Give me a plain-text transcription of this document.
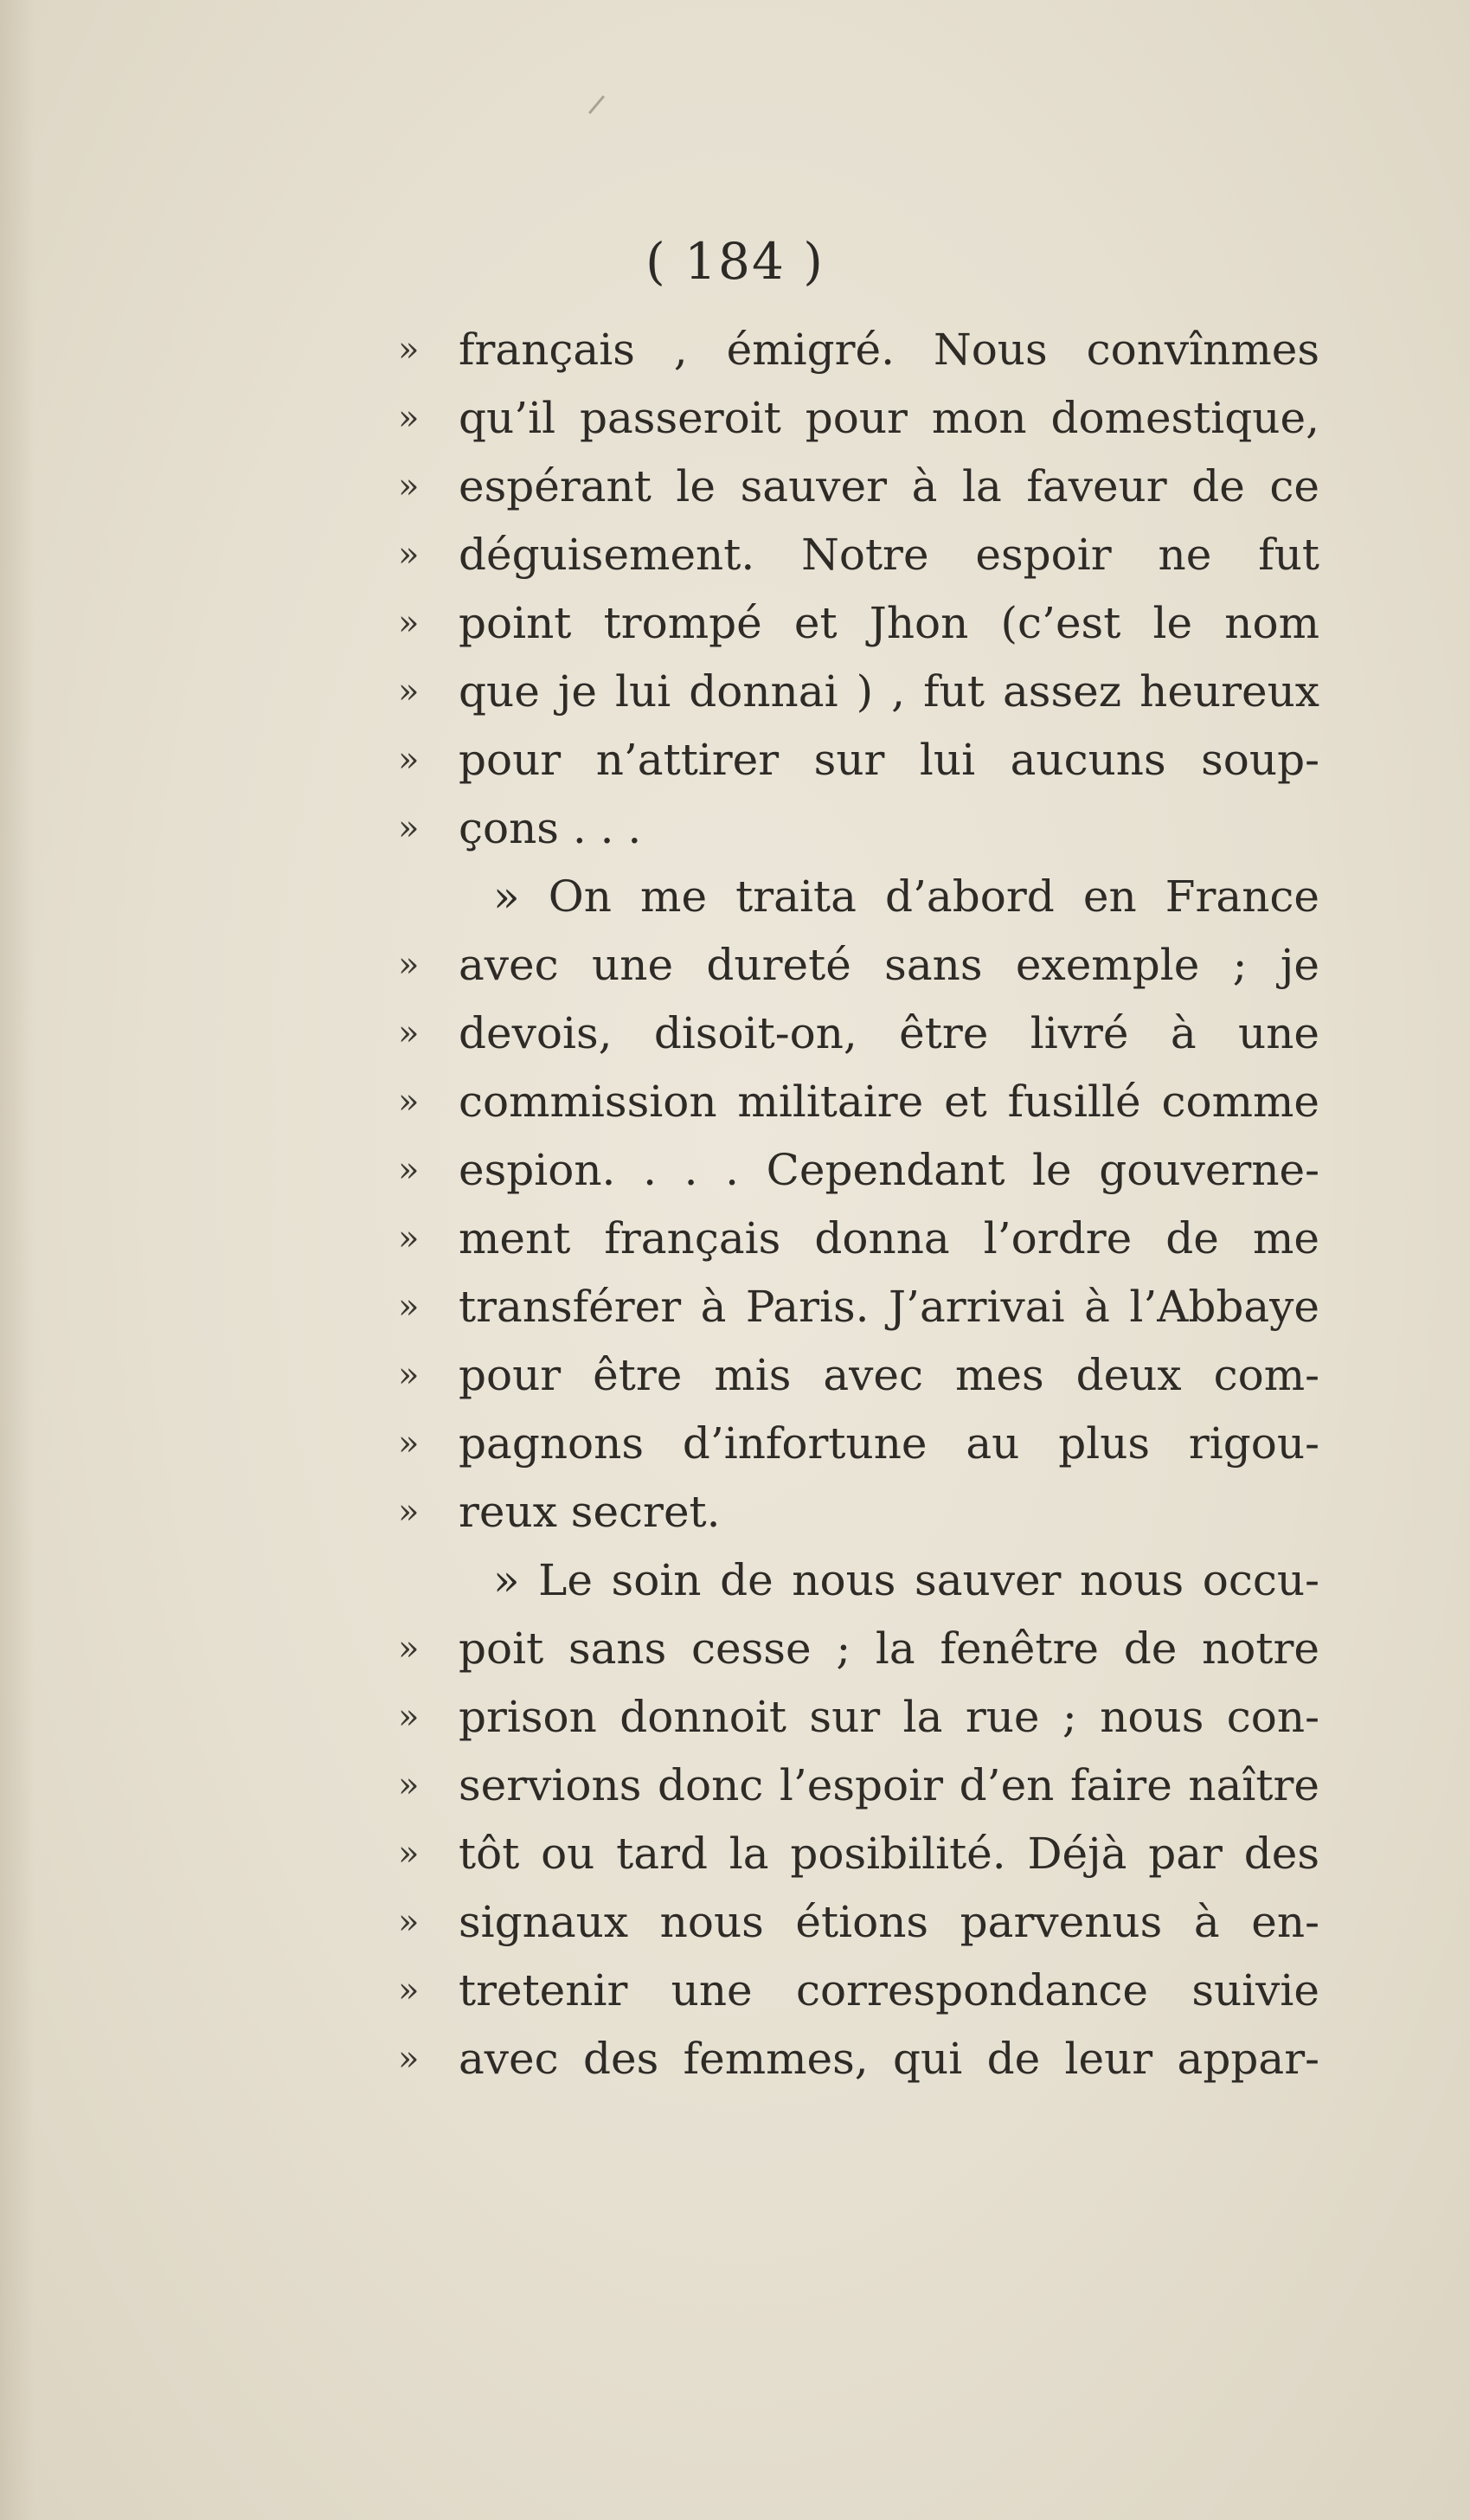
( 184 )
» français , émigré. Nous convînmes
» qu’il passeroit pour mon domestique,
» espérant le sauver à la faveur de ce
» déguisement. Notre espoir ne fut
» point trompé et Jhon (c’est le nom
» que je lui donnai ) , fut assez heureux
» pour n’attirer sur lui aucuns soup-
» çons . . .
» On me traita d’abord en France
» avec une dureté sans exemple ; je
» devois, disoit-on, être livré à une
» commission militaire et fusillé comme
» espion. . . . Cependant le gouverne-
» ment français donna l’ordre de me
» transférer à Paris. J’arrivai à l’Abbaye
» pour être mis avec mes deux com-
» pagnons d’infortune au plus rigou-
» reux secret.
» Le soin de nous sauver nous occu-
» poit sans cesse ; la fenêtre de notre
» prison donnoit sur la rue ; nous con-
» servions donc l’espoir d’en faire naître
» tôt ou tard la posibilité. Déjà par des
» signaux nous étions parvenus à en-
» tretenir une correspondance suivie
» avec des femmes, qui de leur appar-
